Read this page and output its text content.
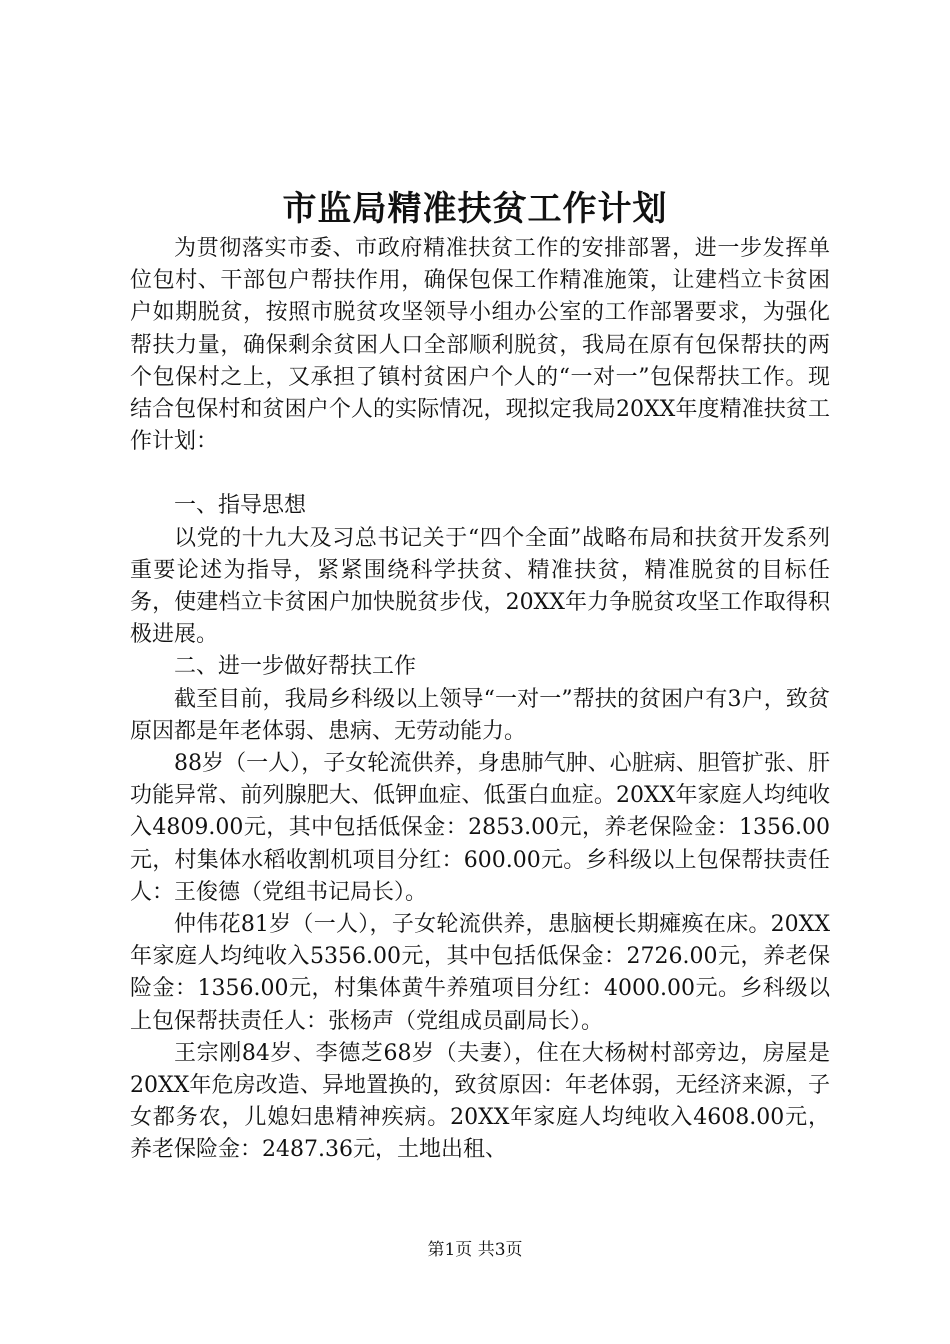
市监局精准扶贫工作计划

为贯彻落实市委、市政府精准扶贫工作的安排部署，进一步发挥单位包村、干部包户帮扶作用，确保包保工作精准施策，让建档立卡贫困户如期脱贫，按照市脱贫攻坚领导小组办公室的工作部署要求，为强化帮扶力量，确保剩余贫困人口全部顺利脱贫，我局在原有包保帮扶的两个包保村之上，又承担了镇村贫困户个人的“一对一”包保帮扶工作。现结合包保村和贫困户个人的实际情况，现拟定我局20XX年度精准扶贫工作计划：

一、指导思想

以党的十九大及习总书记关于“四个全面”战略布局和扶贫开发系列重要论述为指导，紧紧围绕科学扶贫、精准扶贫，精准脱贫的目标任务，使建档立卡贫困户加快脱贫步伐，20XX年力争脱贫攻坚工作取得积极进展。

二、进一步做好帮扶工作

截至目前，我局乡科级以上领导“一对一”帮扶的贫困户有3户，致贫原因都是年老体弱、患病、无劳动能力。

88岁（一人），子女轮流供养，身患肺气肿、心脏病、胆管扩张、肝功能异常、前列腺肥大、低钾血症、低蛋白血症。20XX年家庭人均纯收入4809.00元，其中包括低保金：2853.00元，养老保险金：1356.00元，村集体水稻收割机项目分红：600.00元。乡科级以上包保帮扶责任人：王俊德（党组书记局长）。

仲伟花81岁（一人），子女轮流供养，患脑梗长期瘫痪在床。20XX年家庭人均纯收入5356.00元，其中包括低保金：2726.00元，养老保险金：1356.00元，村集体黄牛养殖项目分红：4000.00元。乡科级以上包保帮扶责任人：张杨声（党组成员副局长）。

王宗刚84岁、李德芝68岁（夫妻），住在大杨树村部旁边，房屋是20XX年危房改造、异地置换的，致贫原因：年老体弱，无经济来源，子女都务农，儿媳妇患精神疾病。20XX年家庭人均纯收入4608.00元，养老保险金：2487.36元，土地出租、

第1页 共3页
